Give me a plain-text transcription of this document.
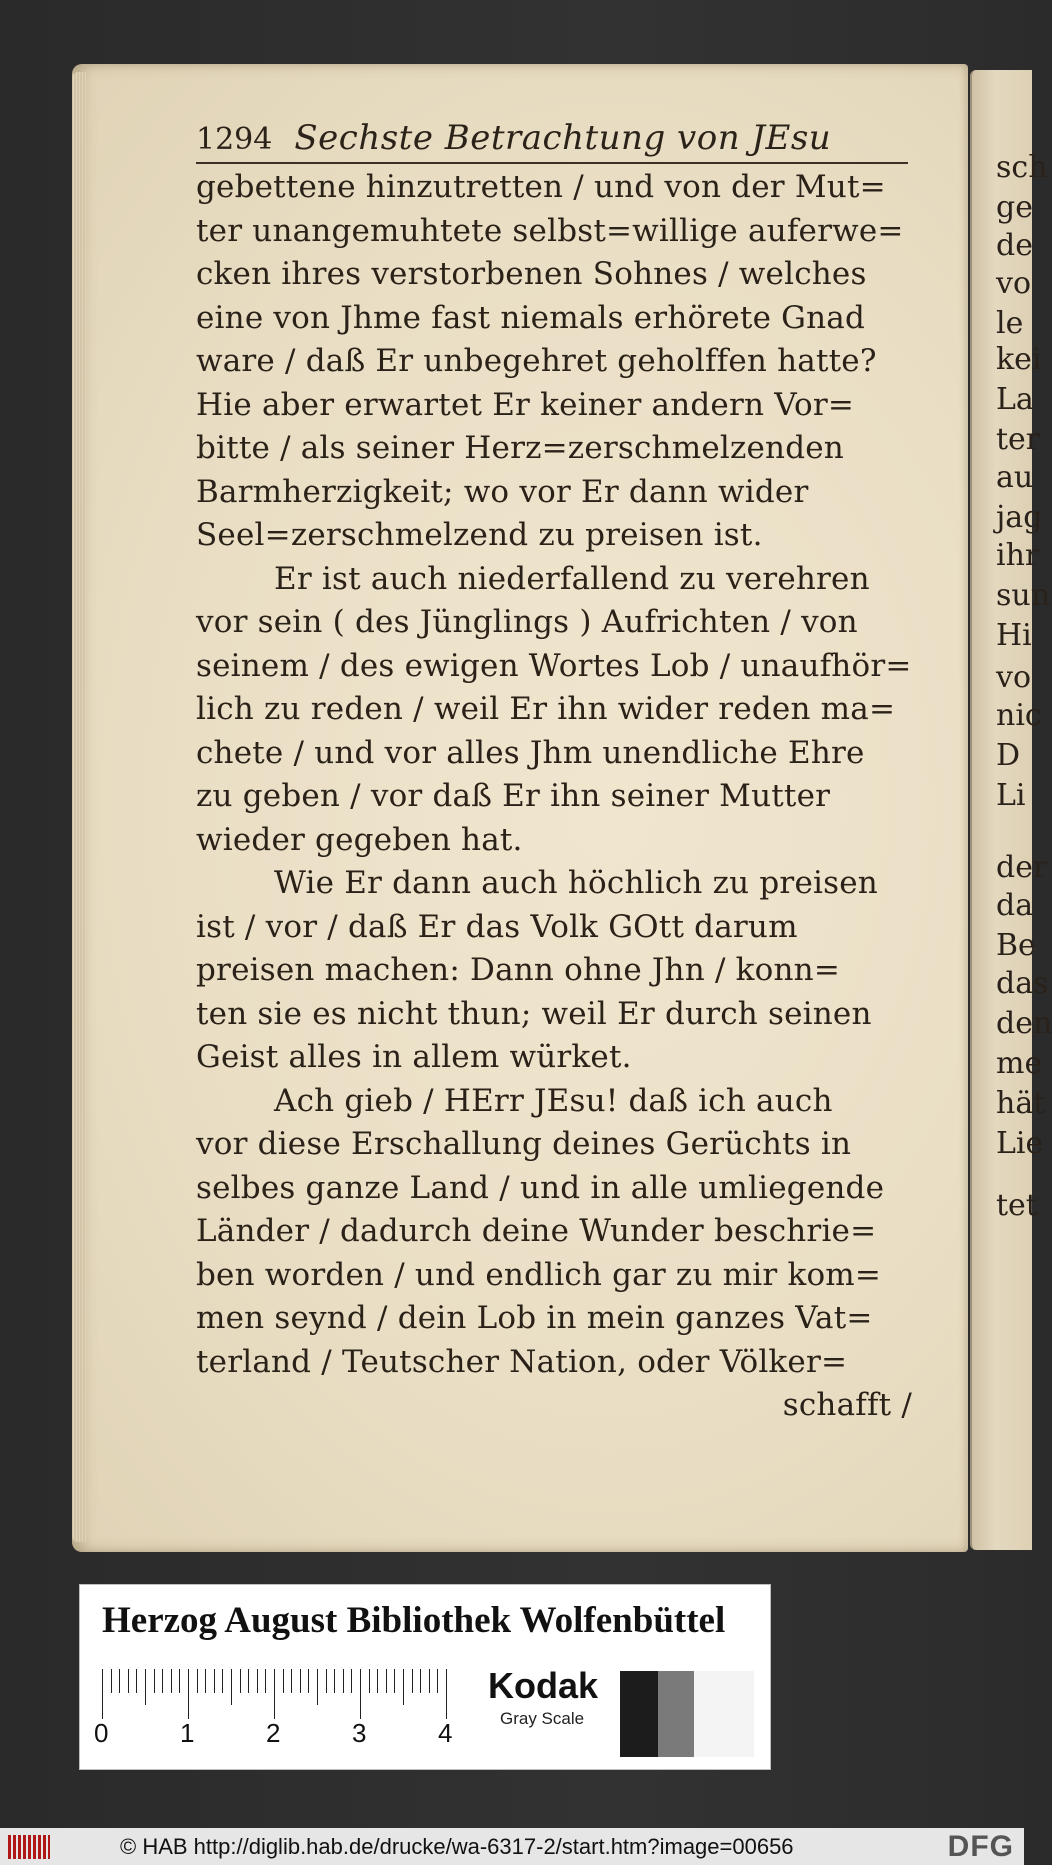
sch
ge
de
vo
le
kei
La
ter
au
jag
ihr
sun
Hi
vo
nic
D
Li
der
da
Be
das
den
me
hät
Lie
tet
1294 Sechste Betrachtung von JEsu
gebettene hinzutretten / und von der Mut=
ter unangemuhtete selbst=willige auferwe=
cken ihres verstorbenen Sohnes / welches
eine von Jhme fast niemals erhörete Gnad
ware / daß Er unbegehret geholffen hatte?
Hie aber erwartet Er keiner andern Vor=
bitte / als seiner Herz=zerschmelzenden
Barmherzigkeit; wo vor Er dann wider
Seel=zerschmelzend zu preisen ist.
Er ist auch niederfallend zu verehren
vor sein ( des Jünglings ) Aufrichten / von
seinem / des ewigen Wortes Lob / unaufhör=
lich zu reden / weil Er ihn wider reden ma=
chete / und vor alles Jhm unendliche Ehre
zu geben / vor daß Er ihn seiner Mutter
wieder gegeben hat.
Wie Er dann auch höchlich zu preisen
ist / vor / daß Er das Volk GOtt darum
preisen machen: Dann ohne Jhn / konn=
ten sie es nicht thun; weil Er durch seinen
Geist alles in allem würket.
Ach gieb / HErr JEsu! daß ich auch
vor diese Erschallung deines Gerüchts in
selbes ganze Land / und in alle umliegende
Länder / dadurch deine Wunder beschrie=
ben worden / und endlich gar zu mir kom=
men seynd / dein Lob in mein ganzes Vat=
terland / Teutscher Nation, oder Völker=
schafft /
Herzog August Bibliothek Wolfenbüttel
0	1	2	3	4
Kodak
Gray Scale
© HAB http://diglib.hab.de/drucke/wa-6317-2/start.htm?image=00656	DFG
